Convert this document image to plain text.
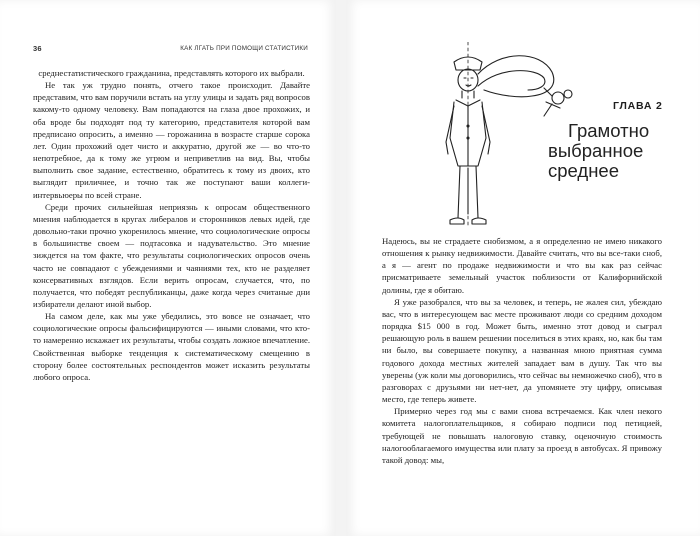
36	КАК ЛГАТЬ ПРИ ПОМОЩИ СТАТИСТИКИ

среднестатистического гражданина, представлять которого их выбрали.

Не так уж трудно понять, отчего такое происходит. Давайте представим, что вам поручили встать на углу улицы и задать ряд вопросов какому-то одному человеку. Вам попадаются на глаза двое прохожих, и оба вроде бы подходят под ту категорию, представителя которой вам предписано опросить, а именно — горожанина в возрасте старше сорока лет. Один прохожий одет чисто и аккуратно, другой же — во что-то непотребное, да к тому же угрюм и неприветлив на вид. Вы, чтобы выполнить свое задание, естественно, обратитесь к тому из двоих, кто выглядит приличнее, и точно так же поступают ваши коллеги-интервьюеры по всей стране.

Среди прочих сильнейшая неприязнь к опросам общественного мнения наблюдается в кругах либералов и сторонников левых идей, где довольно-таки прочно укоренилось мнение, что социологические опросы в большинстве своем — подтасовка и надувательство. Это мнение зиждется на том факте, что результаты социологических опросов очень часто не совпадают с убеждениями и чаяниями тех, кто не разделяет консервативных взглядов. Если верить опросам, случается, что, по получается, что победят республиканцы, даже когда через считаные дни избиратели делают иной выбор.

На самом деле, как мы уже убедились, это вовсе не означает, что социологические опросы фальсифицируются — иными словами, что кто-то намеренно искажает их результаты, чтобы создать ложное впечатление. Свойственная выборке тенденция к систематическому смещению в сторону более состоятельных респондентов может исказить результаты любого опроса.

ГЛАВА 2
Грамотно
выбранное среднее

Надеюсь, вы не страдаете снобизмом, а я определенно не имею никакого отношения к рынку недвижимости. Давайте считать, что вы все-таки сноб, а я — агент по продаже недвижимости и что вы как раз сейчас присматриваете земельный участок поблизости от Калифорнийской долины, где я обитаю.

Я уже разобрался, что вы за человек, и теперь, не жалея сил, убеждаю вас, что в интересующем вас месте проживают люди со средним доходом порядка $15 000 в год. Может быть, именно этот довод и сыграл решающую роль в вашем решении поселиться в этих краях, но, как бы там ни было, вы совершаете покупку, а названная мною приятная сумма годового дохода местных жителей западает вам в душу. Так что вы уверены (уж коли мы договорились, что сейчас вы немножечко сноб), что в разговорах с друзьями ни нет-нет, да упомянете эту цифру, описывая место, где теперь живете.

Примерно через год мы с вами снова встречаемся. Как член некого комитета налогоплательщиков, я собираю подписи под петицией, требующей не повышать налоговую ставку, оценочную стоимость налогооблагаемого имущества или плату за проезд в автобусах. Я привожу такой довод: мы,
